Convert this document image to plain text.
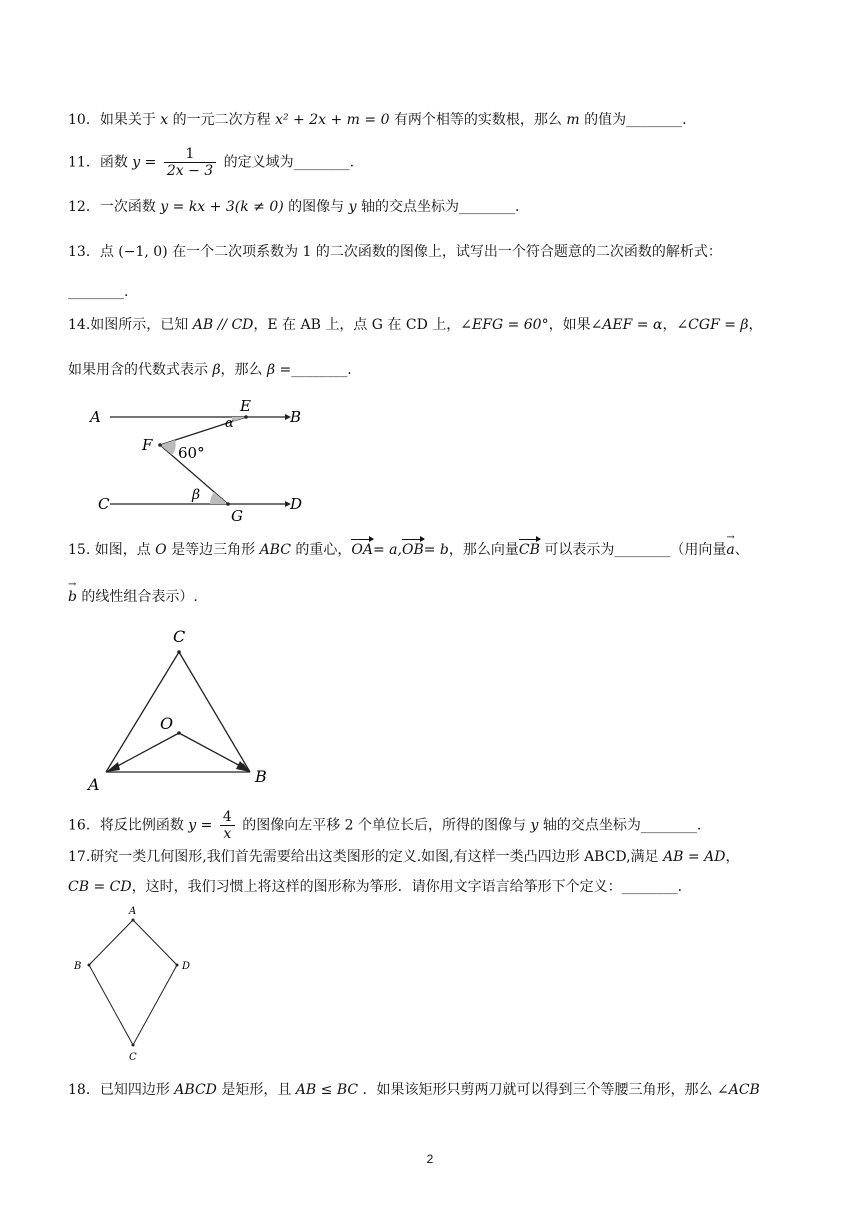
10．如果关于 x 的一元二次方程 x² + 2x + m = 0 有两个相等的实数根，那么 m 的值为________.
11．函数 $y = \frac{1}{2x - 3}$ 的定义域为________.
12．一次函数 y = kx + 3(k ≠ 0) 的图像与 y 轴的交点坐标为________.
13．点 (−1, 0) 在一个二次项系数为 1 的二次函数的图像上，试写出一个符合题意的二次函数的解析式：
________.
14.如图所示，已知 AB // CD，E 在 AB 上，点 G 在 CD 上，∠EFG = 60°，如果∠AEF = α，∠CGF = β，
如果用含的代数式表示 β，那么 β =________.
A	B
E
α
F 60°
β
C	D
G
15. 如图，点 O 是等边三角形 ABC 的重心，OA= a,OB= b，那么向量CB 可以表示为________（用向量→ a、
→ b 的线性组合表示）.
C
O
A	B
16．将反比例函数 $y = \frac{4}{x}$ 的图像向左平移 2 个单位长后，所得的图像与 y 轴的交点坐标为________.
17.研究一类几何图形,我们首先需要给出这类图形的定义.如图,有这样一类凸四边形 ABCD,满足 AB = AD，
CB = CD，这时，我们习惯上将这样的图形称为筝形．请你用文字语言给筝形下个定义：________.
A
B	D
C
18．已知四边形 ABCD 是矩形，且 AB ≤ BC ．如果该矩形只剪两刀就可以得到三个等腰三角形，那么 ∠ACB
2
